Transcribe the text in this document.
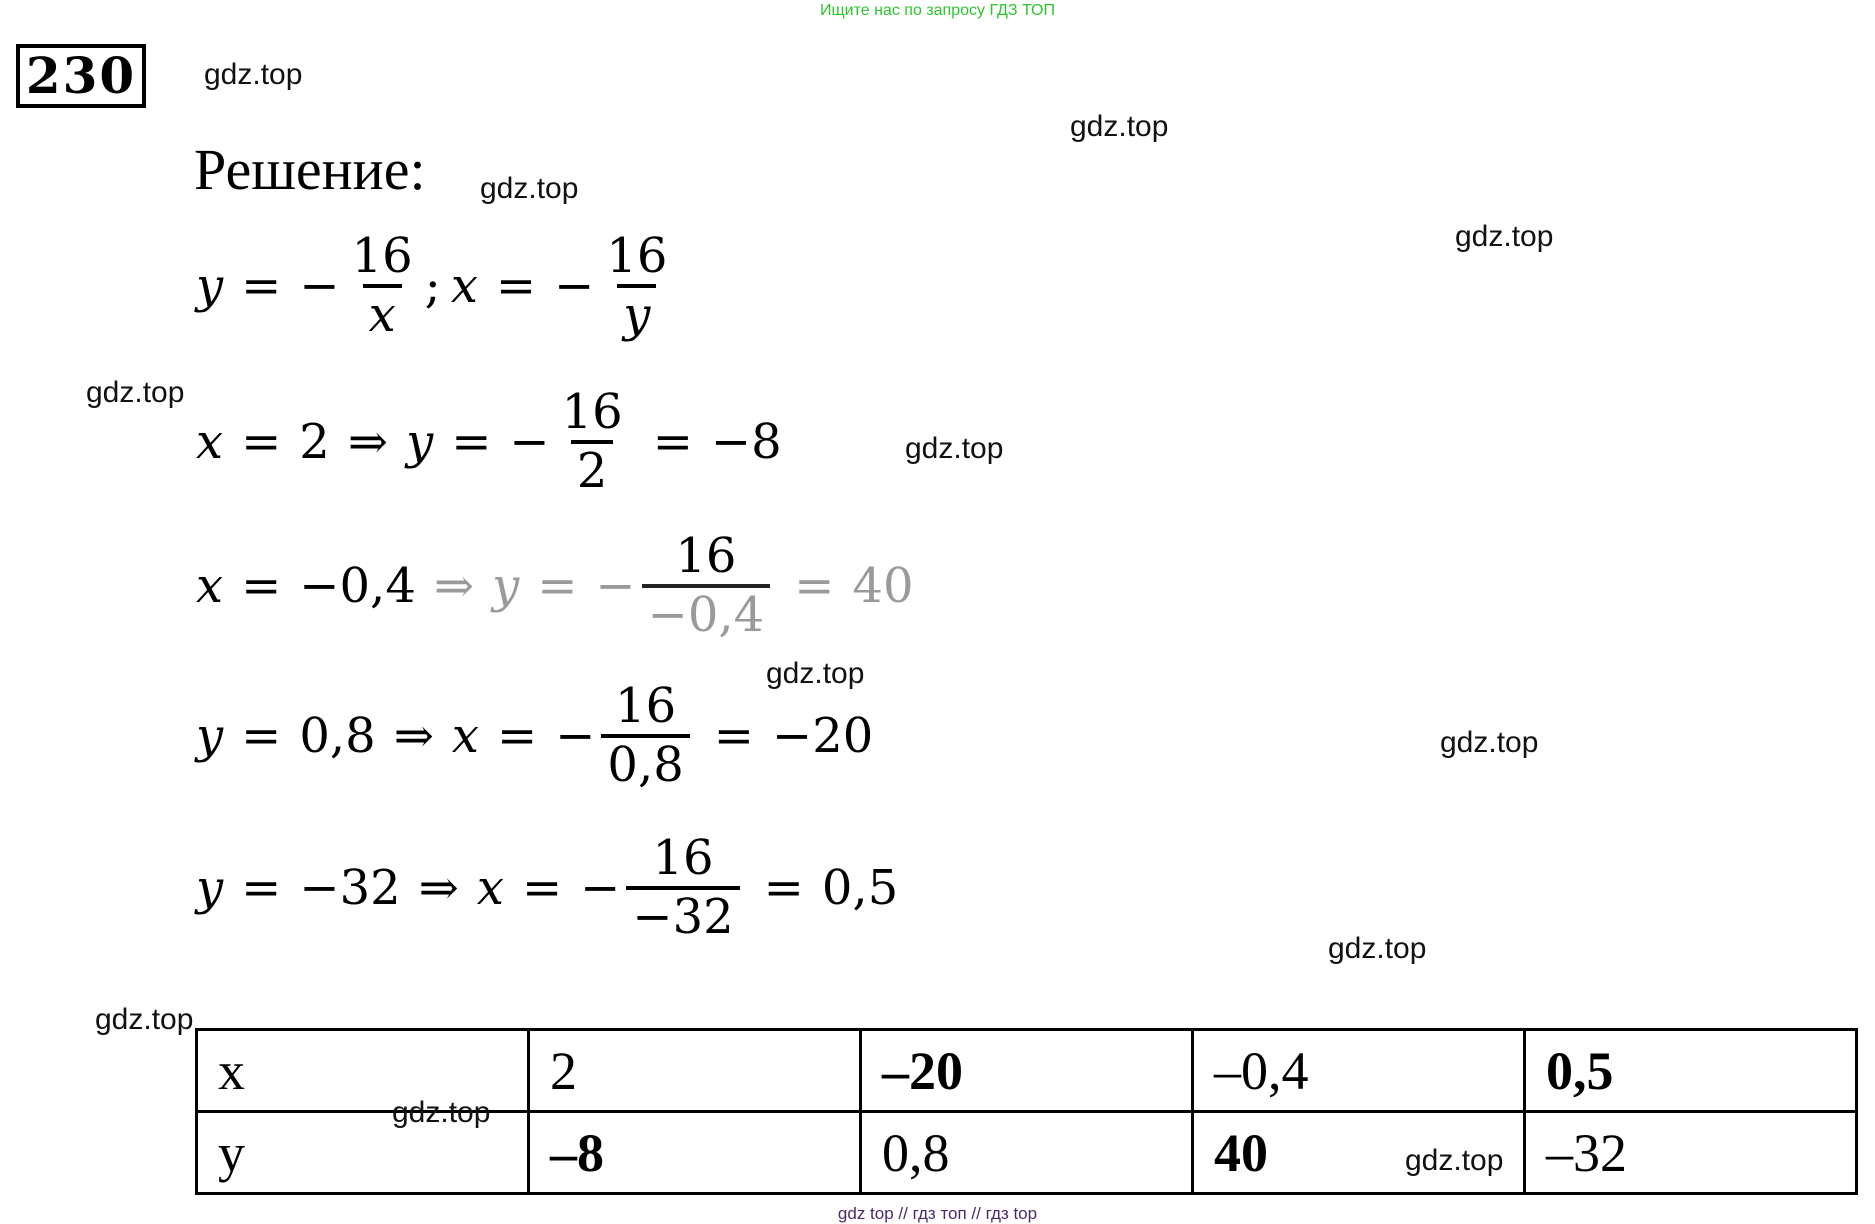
Ищите нас по запросу ГДЗ ТОП
230	gdz.top
gdz.top
gdz.top
gdz.top
gdz.top
gdz.top
gdz.top
gdz.top
gdz.top
gdz.top
Решение:
y = − $\frac{16}{x}$ ; x = − $\frac{16}{y}$
x = 2 ⇒ y = − $\frac{16}{2} = -8$
x = −0,4 ⇒ y = − $\frac{16}{-0,4} = 40$
y = 0,8 ⇒ x = − $\frac{16}{0,8} = -20$
y = −32 ⇒ x = − $\frac{16}{-32} = 0,5$
x	2	–20	–0,4	0,5
y	–8	0,8	40	–32
gdz.top
gdz.top
gdz top // гдз топ // гдз top
